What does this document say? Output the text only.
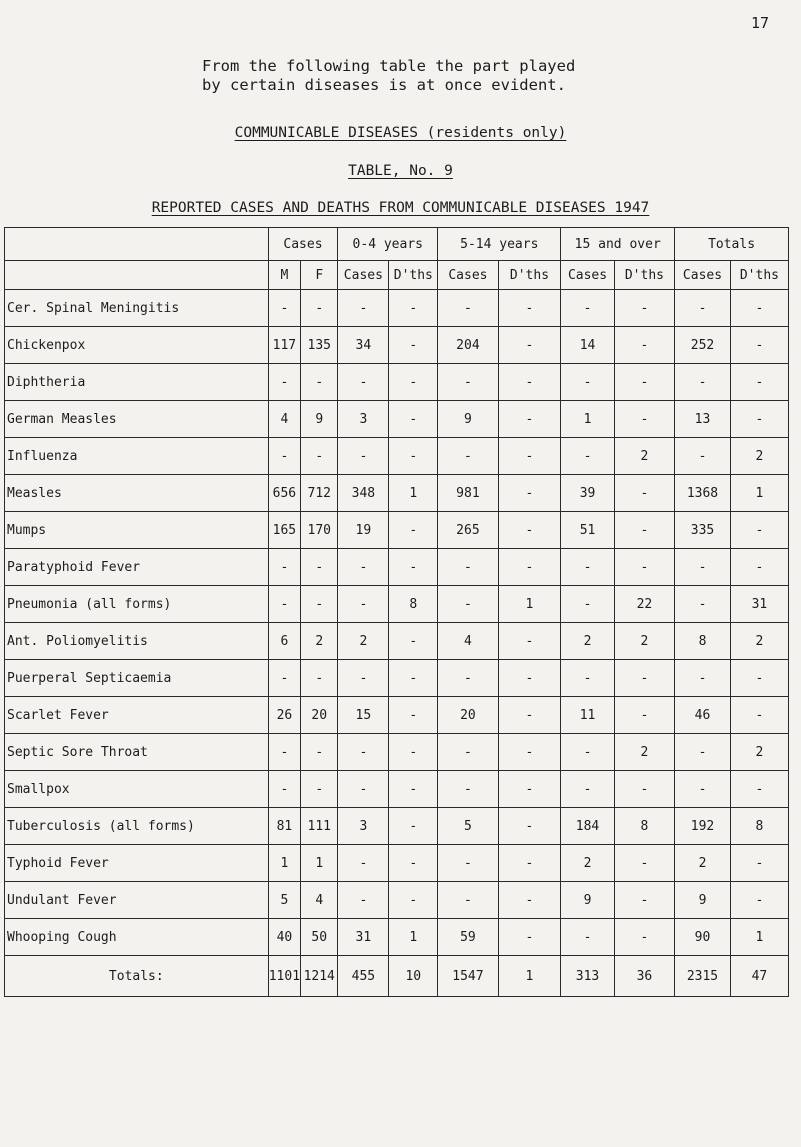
17
From the following table the part played
by certain diseases is at once evident.
COMMUNICABLE DISEASES (residents only)
TABLE, No. 9
REPORTED CASES AND DEATHS FROM COMMUNICABLE DISEASES 1947
	Cases		0-4 years		5-14 years		15 and over		Totals	
	M	F	Cases	D'ths	Cases	D'ths	Cases	D'ths	Cases	D'ths
Cer. Spinal Meningitis	-	-	-	-	-	-	-	-	-	-
Chickenpox	117	135	34	-	204	-	14	-	252	-
Diphtheria	-	-	-	-	-	-	-	-	-	-
German Measles	4	9	3	-	9	-	1	-	13	-
Influenza	-	-	-	-	-	-	-	2	-	2
Measles	656	712	348	1	981	-	39	-	1368	1
Mumps	165	170	19	-	265	-	51	-	335	-
Paratyphoid Fever	-	-	-	-	-	-	-	-	-	-
Pneumonia (all forms)	-	-	-	8	-	1	-	22	-	31
Ant. Poliomyelitis	6	2	2	-	4	-	2	2	8	2
Puerperal Septicaemia	-	-	-	-	-	-	-	-	-	-
Scarlet Fever	26	20	15	-	20	-	11	-	46	-
Septic Sore Throat	-	-	-	-	-	-	-	2	-	2
Smallpox	-	-	-	-	-	-	-	-	-	-
Tuberculosis (all forms)	81	111	3	-	5	-	184	8	192	8
Typhoid Fever	1	1	-	-	-	-	2	-	2	-
Undulant Fever	5	4	-	-	-	-	9	-	9	-
Whooping Cough	40	50	31	1	59	-	-	-	90	1
Totals:	1101	1214	455	10	1547	1	313	36	2315	47
